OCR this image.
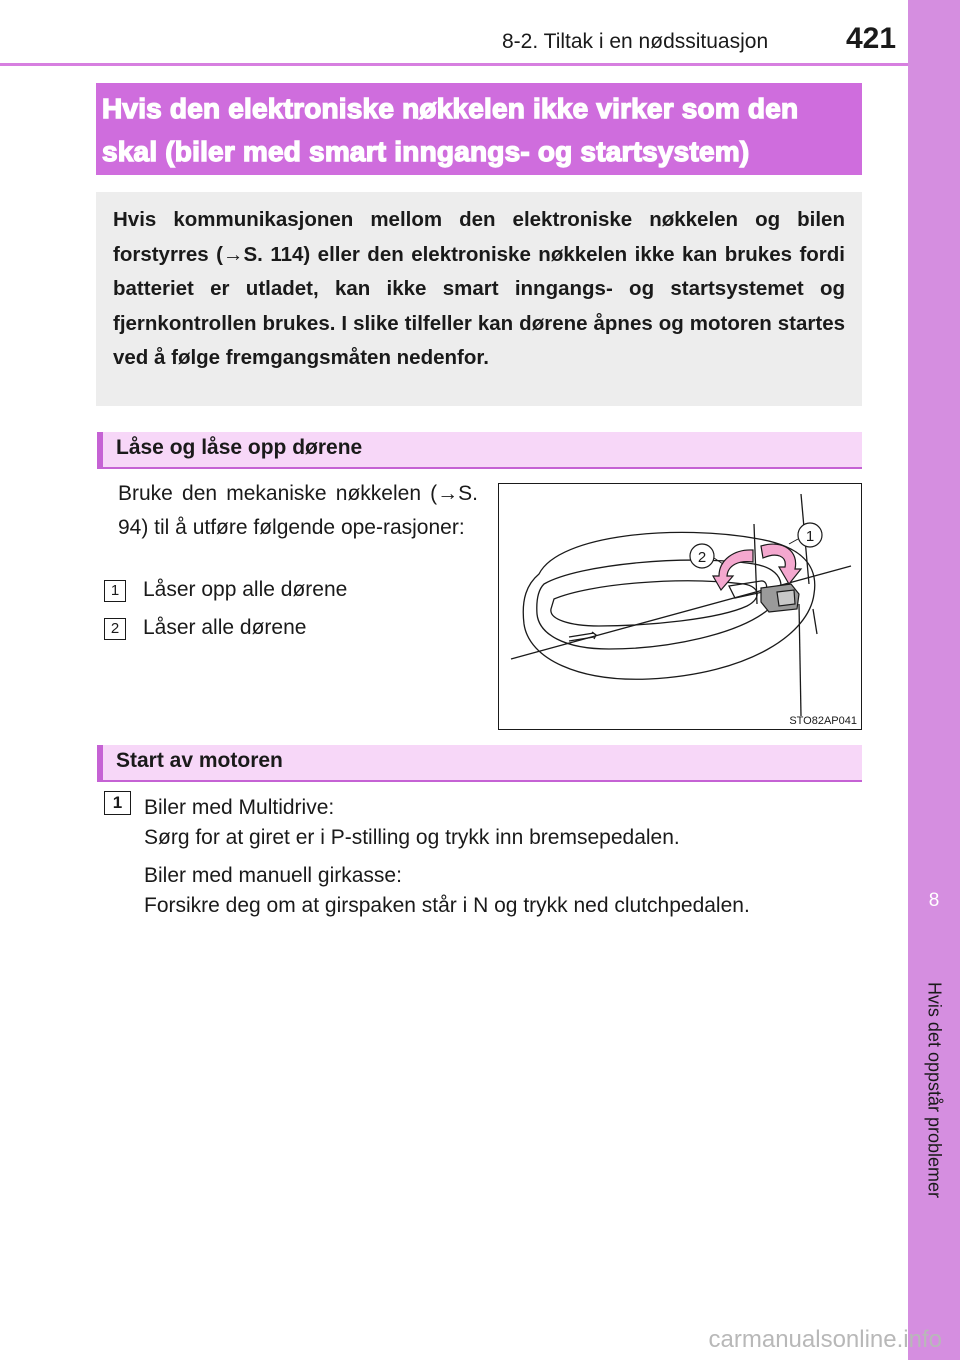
8-2. Tiltak i en nødssituasjon	421
8
Hvis det oppstår problemer
Hvis den elektroniske nøkkelen ikke virker som den
skal (biler med smart inngangs- og startsystem)
Hvis kommunikasjonen mellom den elektroniske nøkkelen og bilen forstyrres (→S. 114) eller den elektroniske nøkkelen ikke kan brukes fordi batteriet er utladet, kan ikke smart inngangs- og startsystemet og fjernkontrollen brukes. I slike tilfeller kan dørene åpnes og motoren startes ved å følge fremgangsmåten nedenfor.
Låse og låse opp dørene
Bruke den mekaniske nøkkelen (→S. 94) til å utføre følgende ope-rasjoner:
1 Låser opp alle dørene
2 Låser alle dørene
1
2
STO82AP041
Start av motoren
1	Biler med Multidrive:
Sørg for at giret er i P-stilling og trykk inn bremsepedalen.
Biler med manuell girkasse:
Forsikre deg om at girspaken står i N og trykk ned clutchpedalen.
carmanualsonline.info
